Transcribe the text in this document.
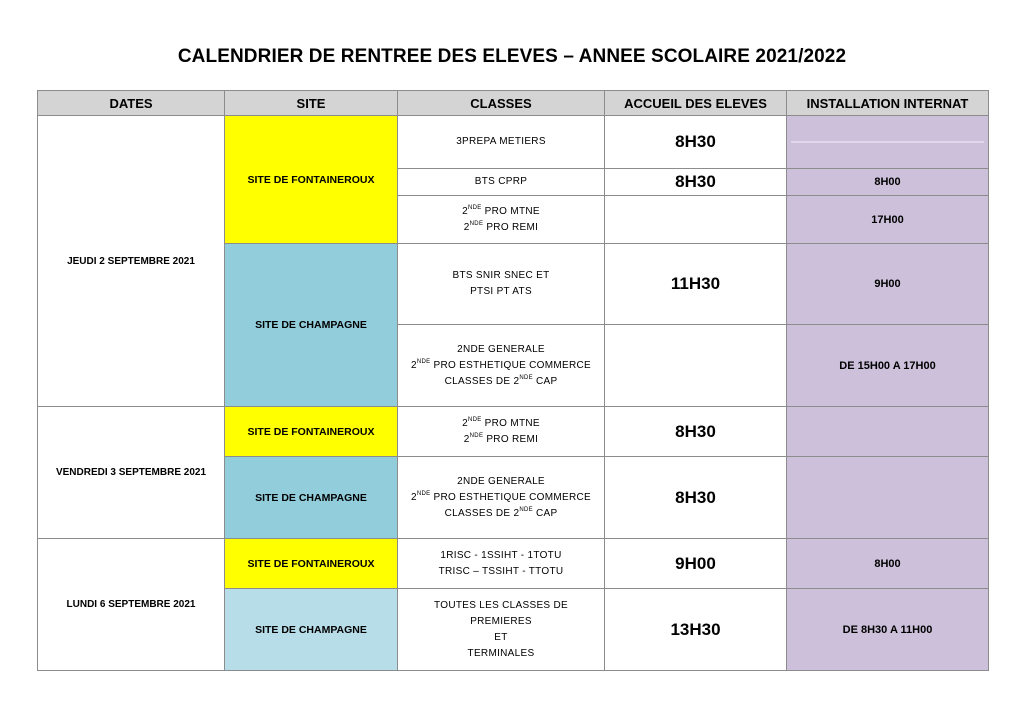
CALENDRIER DE RENTREE DES ELEVES – ANNEE SCOLAIRE 2021/2022
DATES	SITE	CLASSES	ACCUEIL DES ELEVES	INSTALLATION INTERNAT
JEUDI 2 SEPTEMBRE 2021	SITE DE FONTAINEROUX	3PREPA METIERS	8H30	

		BTS CPRP	8H30	8H00

		2NDE PRO MTNE
2NDE PRO REMI		17H00
	SITE DE CHAMPAGNE	BTS SNIR SNEC ET
PTSI PT ATS	11H30	9H00

		2NDE GENERALE
2NDE PRO ESTHETIQUE COMMERCE
CLASSES DE 2NDE CAP		DE 15H00 A 17H00
VENDREDI 3 SEPTEMBRE 2021	SITE DE FONTAINEROUX	2NDE PRO MTNE
2NDE PRO REMI	8H30	
	SITE DE CHAMPAGNE	2NDE GENERALE
2NDE PRO ESTHETIQUE COMMERCE
CLASSES DE 2NDE CAP	8H30	
LUNDI 6 SEPTEMBRE 2021	SITE DE FONTAINEROUX	1RISC - 1SSIHT - 1TOTU
TRISC – TSSIHT - TTOTU	9H00	8H00
	SITE DE CHAMPAGNE	TOUTES LES CLASSES DE
PREMIERES
ET
TERMINALES	13H30	DE 8H30 A 11H00
